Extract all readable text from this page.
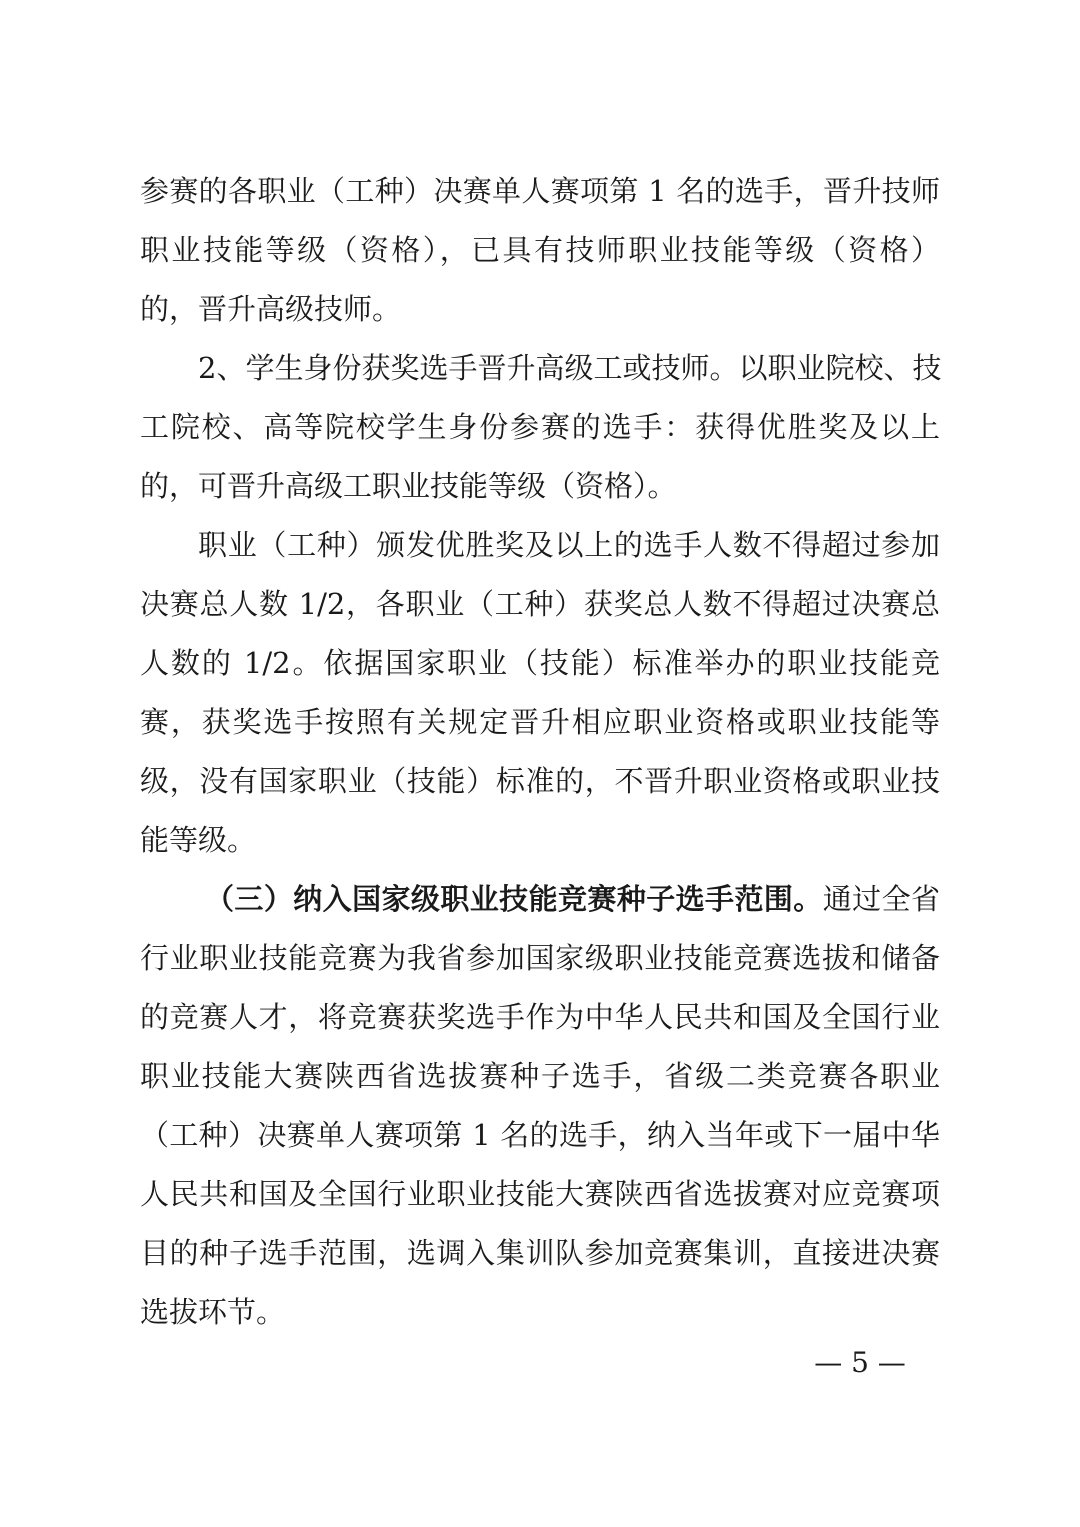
参赛的各职业（工种）决赛单人赛项第 1 名的选手，晋升技师
职业技能等级（资格），已具有技师职业技能等级（资格）
的，晋升高级技师。
2、学生身份获奖选手晋升高级工或技师。以职业院校、技
工院校、高等院校学生身份参赛的选手：获得优胜奖及以上
的，可晋升高级工职业技能等级（资格）。
职业（工种）颁发优胜奖及以上的选手人数不得超过参加
决赛总人数 1/2，各职业（工种）获奖总人数不得超过决赛总
人数的 1/2。依据国家职业（技能）标准举办的职业技能竞
赛，获奖选手按照有关规定晋升相应职业资格或职业技能等
级，没有国家职业（技能）标准的，不晋升职业资格或职业技
能等级。
（三）纳入国家级职业技能竞赛种子选手范围。通过全省
行业职业技能竞赛为我省参加国家级职业技能竞赛选拔和储备
的竞赛人才，将竞赛获奖选手作为中华人民共和国及全国行业
职业技能大赛陕西省选拔赛种子选手，省级二类竞赛各职业
（工种）决赛单人赛项第 1 名的选手，纳入当年或下一届中华
人民共和国及全国行业职业技能大赛陕西省选拔赛对应竞赛项
目的种子选手范围，选调入集训队参加竞赛集训，直接进决赛
选拔环节。
— 5 —
